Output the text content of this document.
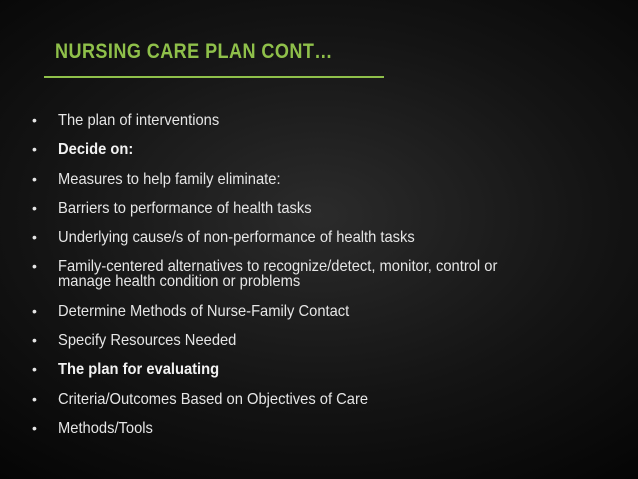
NURSING CARE PLAN CONT…
• The plan of interventions
• Decide on:
• Measures to help family eliminate:
• Barriers to performance of health tasks
• Underlying cause/s of non-performance of health tasks
• Family-centered alternatives to recognize/detect, monitor, control or
manage health condition or problems
• Determine Methods of Nurse-Family Contact
• Specify Resources Needed
• The plan for evaluating
• Criteria/Outcomes Based on Objectives of Care
• Methods/Tools
